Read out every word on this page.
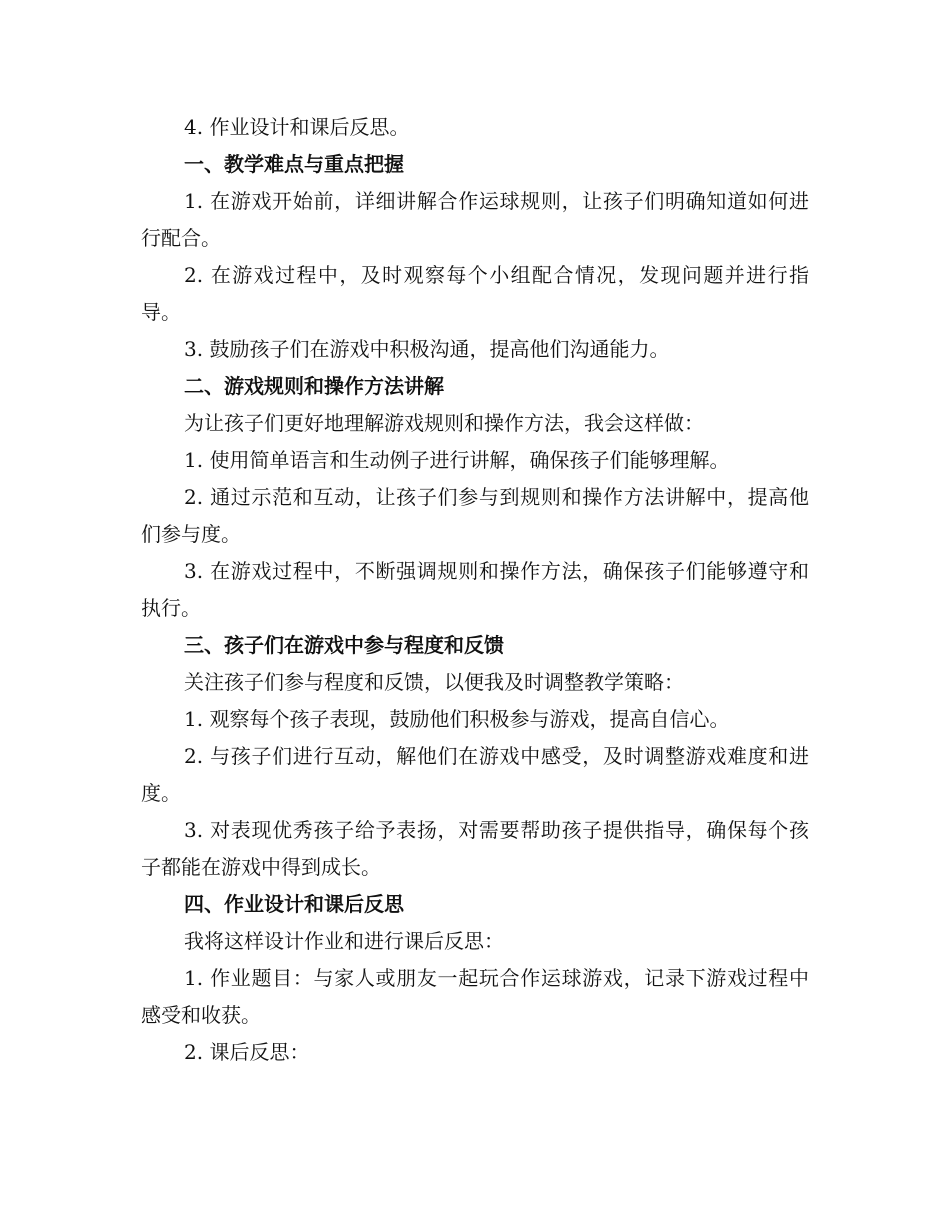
4. 作业设计和课后反思。

一、教学难点与重点把握

1. 在游戏开始前，详细讲解合作运球规则，让孩子们明确知道如何进行配合。

2. 在游戏过程中，及时观察每个小组配合情况，发现问题并进行指导。

3. 鼓励孩子们在游戏中积极沟通，提高他们沟通能力。

二、游戏规则和操作方法讲解

为让孩子们更好地理解游戏规则和操作方法，我会这样做：

1. 使用简单语言和生动例子进行讲解，确保孩子们能够理解。

2. 通过示范和互动，让孩子们参与到规则和操作方法讲解中，提高他们参与度。

3. 在游戏过程中，不断强调规则和操作方法，确保孩子们能够遵守和执行。

三、孩子们在游戏中参与程度和反馈

关注孩子们参与程度和反馈，以便我及时调整教学策略：

1. 观察每个孩子表现，鼓励他们积极参与游戏，提高自信心。

2. 与孩子们进行互动，解他们在游戏中感受，及时调整游戏难度和进度。

3. 对表现优秀孩子给予表扬，对需要帮助孩子提供指导，确保每个孩子都能在游戏中得到成长。

四、作业设计和课后反思

我将这样设计作业和进行课后反思：

1. 作业题目：与家人或朋友一起玩合作运球游戏，记录下游戏过程中感受和收获。

2. 课后反思：
